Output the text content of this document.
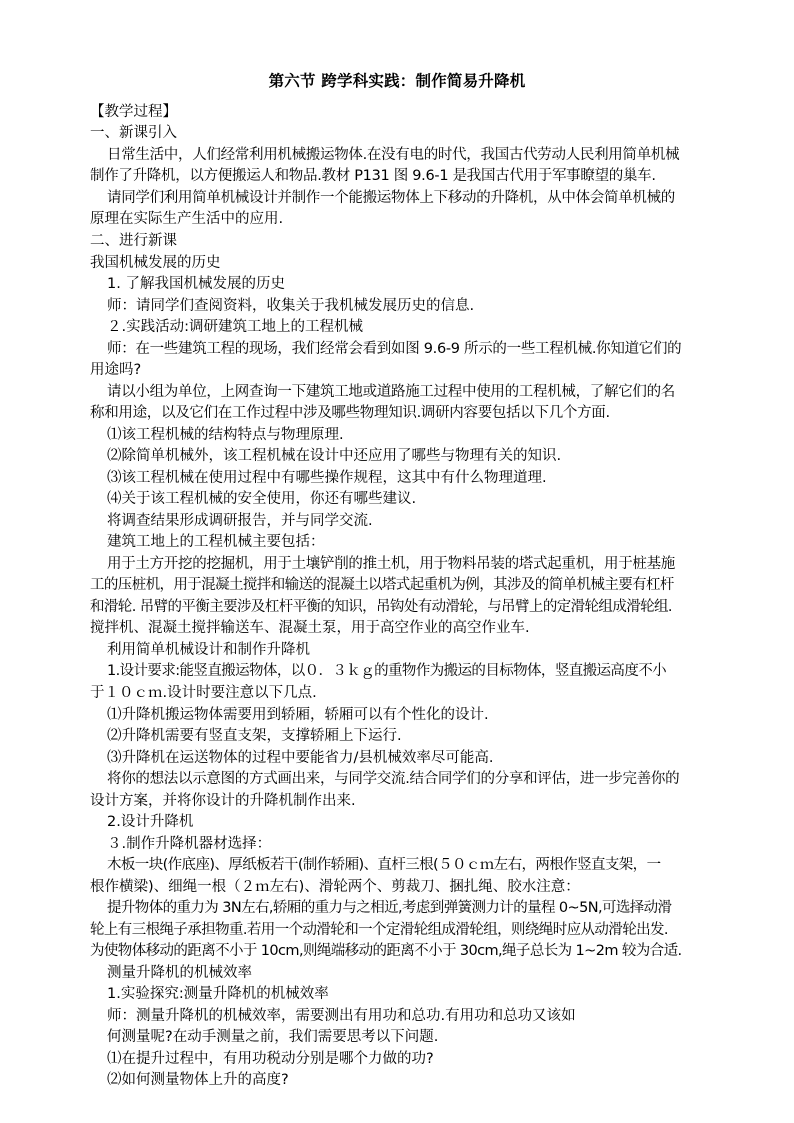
第六节 跨学科实践：制作简易升降机
【教学过程】
一、新课引入
日常生活中，人们经常利用机械搬运物体.在没有电的时代，我国古代劳动人民利用简单机械
制作了升降机，以方便搬运人和物品.教材 P131 图 9.6-1 是我国古代用于军事瞭望的巢车.
请同学们利用简单机械设计并制作一个能搬运物体上下移动的升降机，从中体会简单机械的
原理在实际生产生活中的应用.
二、进行新课
我国机械发展的历史
1. 了解我国机械发展的历史
师：请同学们查阅资料，收集关于我机械发展历史的信息.
２.实践活动:调研建筑工地上的工程机械
师：在一些建筑工程的现场，我们经常会看到如图 9.6-9 所示的一些工程机械.你知道它们的
用途吗?
请以小组为单位，上网查询一下建筑工地或道路施工过程中使用的工程机械，了解它们的名
称和用途，以及它们在工作过程中涉及哪些物理知识.调研内容要包括以下几个方面.
⑴该工程机械的结构特点与物理原理.
⑵除简单机械外，该工程机械在设计中还应用了哪些与物理有关的知识.
⑶该工程机械在使用过程中有哪些操作规程，这其中有什么物理道理.
⑷关于该工程机械的安全使用，你还有哪些建议.
将调查结果形成调研报告，并与同学交流.
建筑工地上的工程机械主要包括：
用于土方开挖的挖掘机，用于土壤铲削的推土机，用于物料吊装的塔式起重机，用于桩基施
工的压桩机，用于混凝土搅拌和输送的混凝土以塔式起重机为例，其涉及的简单机械主要有杠杆
和滑轮. 吊臂的平衡主要涉及杠杆平衡的知识，吊钩处有动滑轮，与吊臂上的定滑轮组成滑轮组.
搅拌机、混凝土搅拌输送车、混凝土泵，用于高空作业的高空作业车.
利用简单机械设计和制作升降机
1.设计要求:能竖直搬运物体，以０．３ｋｇ的重物作为搬运的目标物体，竖直搬运高度不小
于１０ｃｍ.设计时要注意以下几点.
⑴升降机搬运物体需要用到轿厢，轿厢可以有个性化的设计.
⑵升降机需要有竖直支架，支撑轿厢上下运行.
⑶升降机在运送物体的过程中要能省力/县机械效率尽可能高.
将你的想法以示意图的方式画出来，与同学交流.结合同学们的分享和评估，进一步完善你的
设计方案，并将你设计的升降机制作出来.
2.设计升降机
３.制作升降机器材选择：
木板一块(作底座)、厚纸板若干(制作轿厢)、直杆三根(５０ｃｍ左右，两根作竖直支架，一
根作横梁)、细绳一根（２ｍ左右)、滑轮两个、剪裁刀、捆扎绳、胶水注意：
提升物体的重力为 3N左右,轿厢的重力与之相近,考虑到弹簧测力计的量程 0~5N,可选择动滑
轮上有三根绳子承担物重.若用一个动滑轮和一个定滑轮组成滑轮组，则绕绳时应从动滑轮出发.
为使物体移动的距离不小于 10cm,则绳端移动的距离不小于 30cm,绳子总长为 1~2m 较为合适.
测量升降机的机械效率
1.实验探究:测量升降机的机械效率
师：测量升降机的机械效率，需要测出有用功和总功.有用功和总功又该如
何测量呢?在动手测量之前，我们需要思考以下问题.
⑴在提升过程中，有用功税动分别是哪个力做的功?
⑵如何测量物体上升的高度?
